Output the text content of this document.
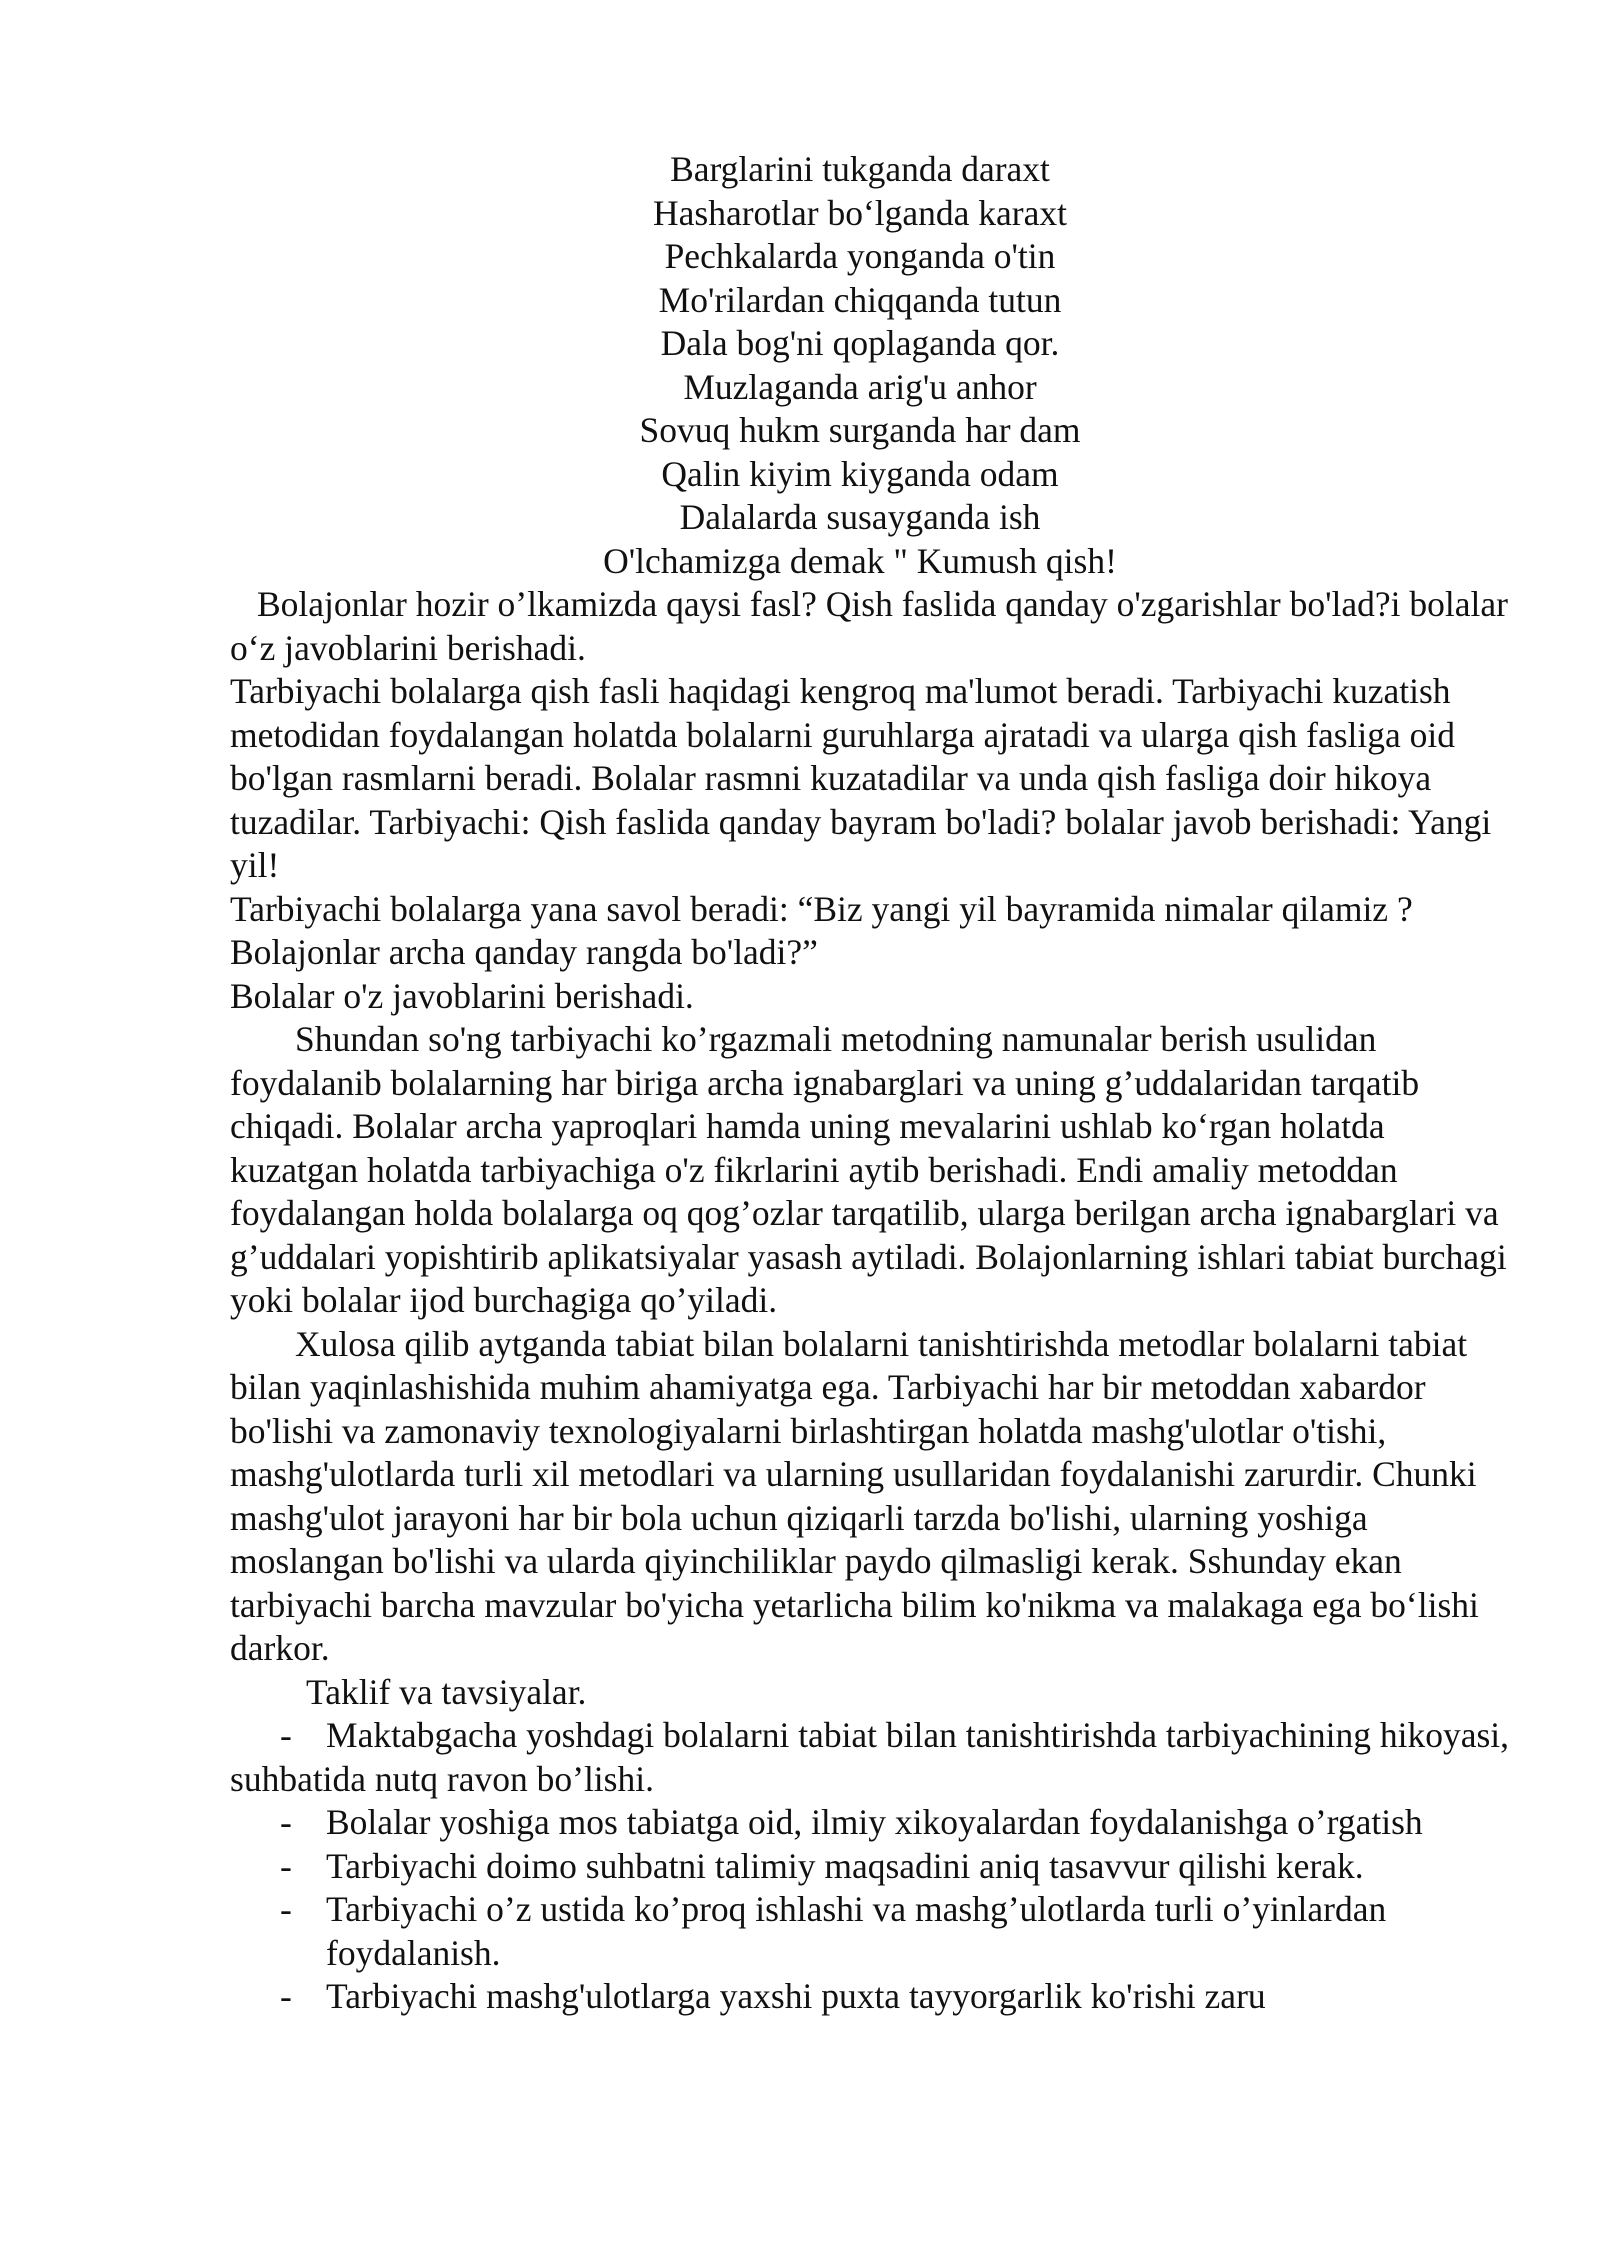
Barglarini tukganda daraxt
Hasharotlar bo‘lganda karaxt
Pechkalarda yonganda o'tin
Mo'rilardan chiqqanda tutun
Dala bog'ni qoplaganda qor.
Muzlaganda arig'u anhor
Sovuq hukm surganda har dam
Qalin kiyim kiyganda odam
Dalalarda susayganda ish
O'lchamizga demak " Kumush qish!

Bolajonlar hozir o’lkamizda qaysi fasl? Qish faslida qanday o'zgarishlar bo'lad?i bolalar o‘z javoblarini berishadi.

Tarbiyachi bolalarga qish fasli haqidagi kengroq ma'lumot beradi. Tarbiyachi kuzatish metodidan foydalangan holatda bolalarni guruhlarga ajratadi va ularga qish fasliga oid bo'lgan rasmlarni beradi. Bolalar rasmni kuzatadilar va unda qish fasliga doir hikoya tuzadilar. Tarbiyachi: Qish faslida qanday bayram bo'ladi? bolalar javob berishadi: Yangi yil!

Tarbiyachi bolalarga yana savol beradi: “Biz yangi yil bayramida nimalar qilamiz ? Bolajonlar archa qanday rangda bo'ladi?”

Bolalar o'z javoblarini berishadi.

Shundan so'ng tarbiyachi ko’rgazmali metodning namunalar berish usulidan foydalanib bolalarning har biriga archa ignabarglari va uning g’uddalaridan tarqatib chiqadi. Bolalar archa yaproqlari hamda uning mevalarini ushlab ko‘rgan holatda kuzatgan holatda tarbiyachiga o'z fikrlarini aytib berishadi. Endi amaliy metoddan foydalangan holda bolalarga oq qog’ozlar tarqatilib, ularga berilgan archa ignabarglari va g’uddalari yopishtirib aplikatsiyalar yasash aytiladi. Bolajonlarning ishlari tabiat burchagi yoki bolalar ijod burchagiga qo’yiladi.

Xulosa qilib aytganda tabiat bilan bolalarni tanishtirishda metodlar bolalarni tabiat bilan yaqinlashishida muhim ahamiyatga ega. Tarbiyachi har bir metoddan xabardor bo'lishi va zamonaviy texnologiyalarni birlashtirgan holatda mashg'ulotlar o'tishi, mashg'ulotlarda turli xil metodlari va ularning usullaridan foydalanishi zarurdir. Chunki mashg'ulot jarayoni har bir bola uchun qiziqarli tarzda bo'lishi, ularning yoshiga moslangan bo'lishi va ularda qiyinchiliklar paydo qilmasligi kerak. Sshunday ekan tarbiyachi barcha mavzular bo'yicha yetarlicha bilim ko'nikma va malakaga ega bo‘lishi darkor.

Taklif va tavsiyalar.

- Maktabgacha yoshdagi bolalarni tabiat bilan tanishtirishda tarbiyachining hikoyasi, suhbatida nutq ravon bo’lishi.
- Bolalar yoshiga mos tabiatga oid, ilmiy xikoyalardan foydalanishga o’rgatish
- Tarbiyachi doimo suhbatni talimiy maqsadini aniq tasavvur qilishi kerak.
- Tarbiyachi o’z ustida ko’proq ishlashi va mashg’ulotlarda turli o’yinlardan foydalanish.
- Tarbiyachi mashg'ulotlarga yaxshi puxta tayyorgarlik ko'rishi zaru
